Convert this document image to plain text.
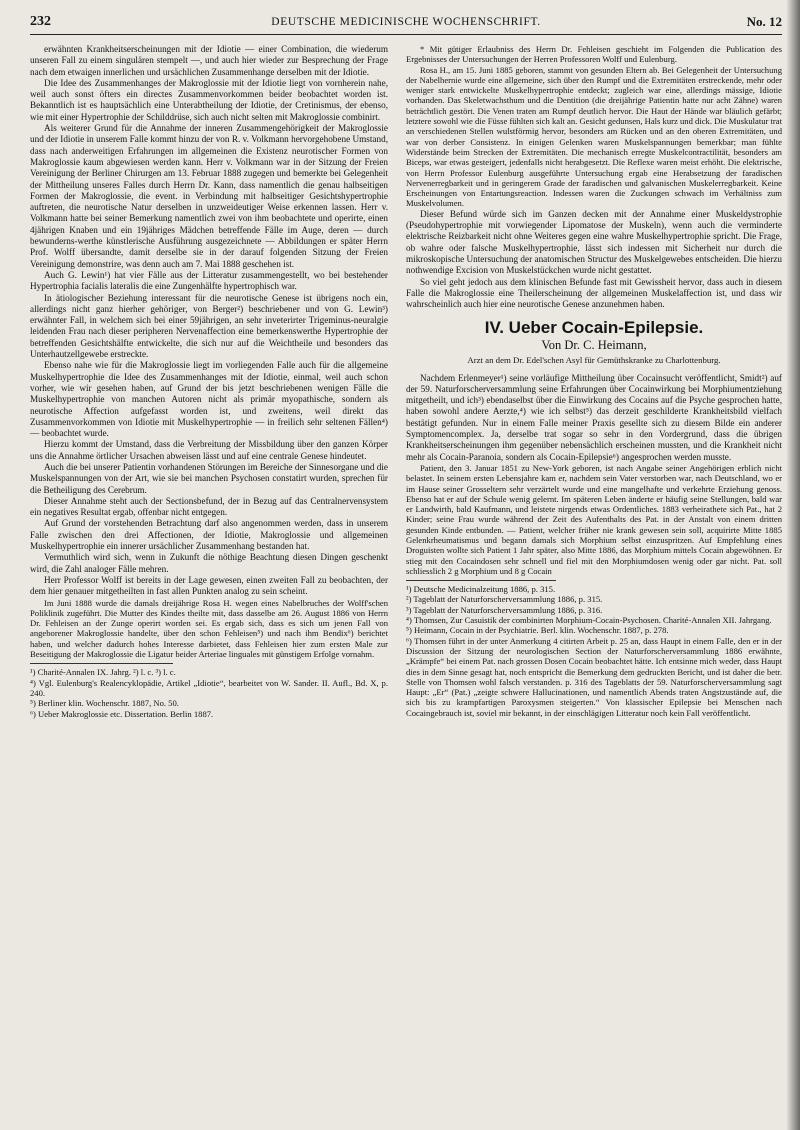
232	DEUTSCHE MEDICINISCHE WOCHENSCHRIFT.	No. 12

erwähnten Krankheitserscheinungen mit der Idiotie — einer Combination, die wiederum unseren Fall zu einem singulären stempelt —, und auch hier wieder zur Besprechung der Frage nach dem etwaigen innerlichen und ursächlichen Zusammenhange derselben mit der Idiotie.

Die Idee des Zusammenhanges der Makroglossie mit der Idiotie liegt von vornherein nahe, weil auch sonst öfters ein directes Zusammenvorkommen beider beobachtet worden ist. Bekanntlich ist es hauptsächlich eine Unterabtheilung der Idiotie, der Cretinismus, der ebenso, wie mit einer Hypertrophie der Schilddrüse, sich auch nicht selten mit Makroglossie combinirt.

Als weiterer Grund für die Annahme der inneren Zusammengehörigkeit der Makroglossie und der Idiotie in unserem Falle kommt hinzu der von R. v. Volkmann hervorgehobene Umstand, dass nach anderweitigen Erfahrungen im allgemeinen die Existenz neurotischer Formen von Makroglossie kaum abgewiesen werden kann. Herr v. Volkmann war in der Sitzung der Freien Vereinigung der Berliner Chirurgen am 13. Februar 1888 zugegen und bemerkte bei Gelegenheit der Mittheilung unseres Falles durch Herrn Dr. Kann, dass namentlich die genau halbseitigen Formen der Makroglossie, die event. in Verbindung mit halbseitiger Gesichtshypertrophie auftreten, die neurotische Natur derselben in unzweideutiger Weise erkennen lassen. Herr v. Volkmann hatte bei seiner Bemerkung namentlich zwei von ihm beobachtete und operirte, einen 4jährigen Knaben und ein 19jähriges Mädchen betreffende Fälle im Auge, deren — durch bewunderns-werthe künstlerische Ausführung ausgezeichnete — Abbildungen er später Herrn Prof. Wolff übersandte, damit derselbe sie in der darauf folgenden Sitzung der Freien Vereinigung demonstrire, was denn auch am 7. Mai 1888 geschehen ist.

Auch G. Lewin¹) hat vier Fälle aus der Litteratur zusammengestellt, wo bei bestehender Hypertrophia facialis lateralis die eine Zungenhälfte hypertrophisch war.

In ätiologischer Beziehung interessant für die neurotische Genese ist übrigens noch ein, allerdings nicht ganz hierher gehöriger, von Berger²) beschriebener und von G. Lewin³) erwähnter Fall, in welchem sich bei einer 59jährigen, an sehr inveterirter Trigeminus-neuralgie leidenden Frau nach dieser peripheren Nervenaffection eine bemerkenswerthe Hypertrophie der betreffenden Gesichtshälfte entwickelte, die sich nur auf die Weichtheile und besonders das Unterhautzellgewebe erstreckte.

Ebenso nahe wie für die Makroglossie liegt im vorliegenden Falle auch für die allgemeine Muskelhypertrophie die Idee des Zusammenhanges mit der Idiotie, einmal, weil auch schon vorher, wie wir gesehen haben, auf Grund der bis jetzt beschriebenen wenigen Fälle die Muskelhypertrophie von manchen Autoren nicht als primär myopathische, sondern als neurotische Affection aufgefasst worden ist, und zweitens, weil direkt das Zusammenvorkommen von Idiotie mit Muskelhypertrophie — in freilich sehr seltenen Fällen⁴) — beobachtet wurde.

Hierzu kommt der Umstand, dass die Verbreitung der Missbildung über den ganzen Körper uns die Annahme örtlicher Ursachen abweisen lässt und auf eine centrale Genese hindeutet.

Auch die bei unserer Patientin vorhandenen Störungen im Bereiche der Sinnesorgane und die Muskelspannungen von der Art, wie sie bei manchen Psychosen constatirt wurden, sprechen für die Betheiligung des Cerebrum.

Dieser Annahme steht auch der Sectionsbefund, der in Bezug auf das Centralnervensystem ein negatives Resultat ergab, offenbar nicht entgegen.

Auf Grund der vorstehenden Betrachtung darf also angenommen werden, dass in unserem Falle zwischen den drei Affectionen, der Idiotie, Makroglossie und allgemeinen Muskelhypertrophie ein innerer ursächlicher Zusammenhang bestanden hat.

Vermuthlich wird sich, wenn in Zukunft die nöthige Beachtung diesen Dingen geschenkt wird, die Zahl analoger Fälle mehren.

Herr Professor Wolff ist bereits in der Lage gewesen, einen zweiten Fall zu beobachten, der dem hier genauer mitgetheilten in fast allen Punkten analog zu sein scheint.

Im Juni 1888 wurde die damals dreijährige Rosa H. wegen eines Nabelbruches der Wolff'schen Poliklinik zugeführt. Die Mutter des Kindes theilte mit, dass dasselbe am 26. August 1886 von Herrn Dr. Fehleisen an der Zunge operirt worden sei. Es ergab sich, dass es sich um jenen Fall von angeborener Makroglossie handelte, über den schon Fehleisen⁵) und nach ihm Bendix⁶) berichtet haben, und welcher dadurch hohes Interesse darbietet, dass Fehleisen hier zum ersten Male zur Beseitigung der Makroglossie die Ligatur beider Arteriae linguales mit günstigem Erfolge vornahm.

¹) Charité-Annalen IX. Jahrg. ²) l. c. ³) l. c.

⁴) Vgl. Eulenburg's Realencyklopädie, Artikel „Idiotie“, bearbeitet von W. Sander. II. Aufl., Bd. X, p. 240.

⁵) Berliner klin. Wochenschr. 1887, No. 50.

⁶) Ueber Makroglossie etc. Dissertation. Berlin 1887.

* Mit gütiger Erlaubniss des Herrn Dr. Fehleisen geschieht im Folgenden die Publication des Ergebnisses der Untersuchungen der Herren Professoren Wolff und Eulenburg.

Rosa H., am 15. Juni 1885 geboren, stammt von gesunden Eltern ab. Bei Gelegenheit der Untersuchung der Nabelhernie wurde eine allgemeine, sich über den Rumpf und die Extremitäten erstreckende, mehr oder weniger stark entwickelte Muskelhypertrophie entdeckt; zugleich war eine, allerdings mässige, Idiotie vorhanden. Das Skeletwachsthum und die Dentition (die dreijährige Patientin hatte nur acht Zähne) waren beträchtlich gestört. Die Venen traten am Rumpf deutlich hervor. Die Haut der Hände war bläulich gefärbt; letztere sowohl wie die Füsse fühlten sich kalt an. Gesicht gedunsen, Hals kurz und dick. Die Muskulatur trat an verschiedenen Stellen wulstförmig hervor, besonders am Rücken und an den oberen Extremitäten, und war von derber Consistenz. In einigen Gelenken waren Muskelspannungen bemerkbar; man fühlte Widerstände beim Strecken der Extremitäten. Die mechanisch erregte Muskelcontractilität, besonders am Biceps, war etwas gesteigert, jedenfalls nicht herabgesetzt. Die Reflexe waren meist erhöht. Die elektrische, von Herrn Professor Eulenburg ausgeführte Untersuchung ergab eine Herabsetzung der faradischen Nervenerregbarkeit und in geringerem Grade der faradischen und galvanischen Muskelerregbarkeit. Keine Erscheinungen von Entartungsreaction. Indessen waren die Zuckungen schwach im Verhältniss zum Muskelvolumen.

Dieser Befund würde sich im Ganzen decken mit der Annahme einer Muskeldystrophie (Pseudohypertrophie mit vorwiegender Lipomatose der Muskeln), wenn auch die verminderte elektrische Reizbarkeit nicht ohne Weiteres gegen eine wahre Muskelhypertrophie spricht. Die Frage, ob wahre oder falsche Muskelhypertrophie, lässt sich indessen mit Sicherheit nur durch die mikroskopische Untersuchung der anatomischen Structur des Muskelgewebes entscheiden. Die hierzu nothwendige Excision von Muskelstückchen wurde nicht gestattet.

So viel geht jedoch aus dem klinischen Befunde fast mit Gewissheit hervor, dass auch in diesem Falle die Makroglossie eine Theilerscheinung der allgemeinen Muskelaffection ist, und dass wir wahrscheinlich auch hier eine neurotische Genese anzunehmen haben.

IV. Ueber Cocain-Epilepsie.
Von Dr. C. Heimann,
Arzt an dem Dr. Edel'schen Asyl für Gemüthskranke zu Charlottenburg.

Nachdem Erlenmeyer¹) seine vorläufige Mittheilung über Cocainsucht veröffentlicht, Smidt²) auf der 59. Naturforscherversammlung seine Erfahrungen über Cocainwirkung bei Morphiumentziehung mitgetheilt, und ich³) ebendaselbst über die Einwirkung des Cocains auf die Psyche gesprochen hatte, haben sowohl andere Aerzte,⁴) wie ich selbst⁵) das derzeit geschilderte Krankheitsbild vielfach bestätigt gefunden. Nur in einem Falle meiner Praxis gesellte sich zu diesem Bilde ein anderer Symptomencomplex. Ja, derselbe trat sogar so sehr in den Vordergrund, dass die übrigen Krankheitserscheinungen ihm gegenüber nebensächlich erscheinen mussten, und die Krankheit nicht mehr als Cocain-Paranoia, sondern als Cocain-Epilepsie⁶) angesprochen werden musste.

Patient, den 3. Januar 1851 zu New-York geboren, ist nach Angabe seiner Angehörigen erblich nicht belastet. In seinem ersten Lebensjahre kam er, nachdem sein Vater verstorben war, nach Deutschland, wo er im Hause seiner Grosseltern sehr verzärtelt wurde und eine mangelhafte und verkehrte Erziehung genoss. Ebenso hat er auf der Schule wenig gelernt. Im späteren Leben änderte er häufig seine Stellungen, bald war er Landwirth, bald Kaufmann, und leistete nirgends etwas Ordentliches. 1883 verheirathete sich Pat., hat 2 Kinder; seine Frau wurde während der Zeit des Aufenthalts des Pat. in der Anstalt von einem dritten gesunden Kinde entbunden. — Patient, welcher früher nie krank gewesen sein soll, acquirirte Mitte 1885 Gelenkrheumatismus und begann damals sich Morphium selbst einzuspritzen. Auf Empfehlung eines Droguisten wollte sich Patient 1 Jahr später, also Mitte 1886, das Morphium mittels Cocain abgewöhnen. Er stieg mit den Cocaindosen sehr schnell und fiel mit den Morphiumdosen wenig oder gar nicht. Pat. soll schliesslich 2 g Morphium und 8 g Cocain

¹) Deutsche Medicinalzeitung 1886, p. 315.

²) Tageblatt der Naturforscherversammlung 1886, p. 315.

³) Tageblatt der Naturforscherversammlung 1886, p. 316.

⁴) Thomsen, Zur Casuistik der combinirten Morphium-Cocain-Psychosen. Charité-Annalen XII. Jahrgang.

⁵) Heimann, Cocain in der Psychiatrie. Berl. klin. Wochenschr. 1887, p. 278.

⁶) Thomsen führt in der unter Anmerkung 4 citirten Arbeit p. 25 an, dass Haupt in einem Falle, den er in der Discussion der Sitzung der neurologischen Section der Naturforscherversammlung 1886 erwähnte, „Krämpfe“ bei einem Pat. nach grossen Dosen Cocain beobachtet hätte. Ich entsinne mich weder, dass Haupt dies in dem Sinne gesagt hat, noch entspricht die Bemerkung dem gedruckten Bericht, und ist daher die betr. Stelle von Thomsen wohl falsch verstanden. p. 316 des Tageblatts der 59. Naturforscherversammlung sagt Haupt: „Er“ (Pat.) „zeigte schwere Hallucinationen, und namentlich Abends traten Angstzustände auf, die sich bis zu krampfartigen Paroxysmen steigerten.“ Von klassischer Epilepsie bei Menschen nach Cocaingebrauch ist, soviel mir bekannt, in der einschlägigen Litteratur noch kein Fall veröffentlicht.
